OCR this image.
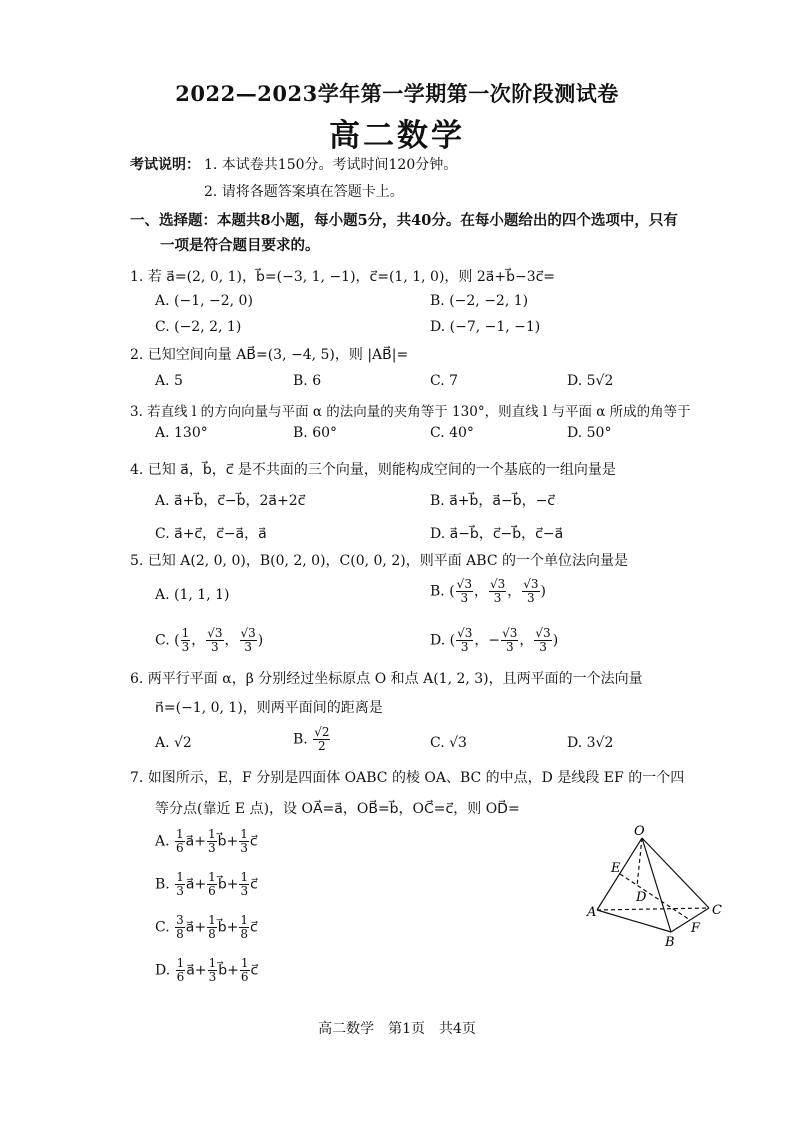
2022—2023学年第一学期第一次阶段测试卷
高二数学
考试说明： 1. 本试卷共150分。考试时间120分钟。
2. 请将各题答案填在答题卡上。
一、选择题：本题共8小题，每小题5分，共40分。在每小题给出的四个选项中，只有
一项是符合题目要求的。
1. 若 a⃗=(2, 0, 1)，b⃗=(−3, 1, −1)，c⃗=(1, 1, 0)，则 2a⃗+b⃗−3c⃗=
A. (−1, −2, 0)	B. (−2, −2, 1)
C. (−2, 2, 1)	D. (−7, −1, −1)
2. 已知空间向量 AB⃗=(3, −4, 5)，则 |AB⃗|=
A. 5	B. 6	C. 7	D. 5√2
3. 若直线 l 的方向向量与平面 α 的法向量的夹角等于 130°，则直线 l 与平面 α 所成的角等于
A. 130°	B. 60°	C. 40°	D. 50°
4. 已知 a⃗，b⃗，c⃗ 是不共面的三个向量，则能构成空间的一个基底的一组向量是
A. a⃗+b⃗，c⃗−b⃗，2a⃗+2c⃗	B. a⃗+b⃗，a⃗−b⃗，−c⃗
C. a⃗+c⃗，c⃗−a⃗，a⃗	D. a⃗−b⃗，c⃗−b⃗，c⃗−a⃗
5. 已知 A(2, 0, 0)，B(0, 2, 0)，C(0, 0, 2)，则平面 ABC 的一个单位法向量是
A. (1, 1, 1)	B. ( $\frac{√3}{3}$ ， $\frac{√3}{3}$ ， $\frac{√3}{3}$ )
C. ( $\frac{1}{3}$ ， $\frac{√3}{3}$ ， $\frac{√3}{3}$ )	D. ( $\frac{√3}{3}$ ，− $\frac{√3}{3}$ ， $\frac{√3}{3}$ )
6. 两平行平面 α，β 分别经过坐标原点 O 和点 A(1, 2, 3)，且两平面的一个法向量
n⃗=(−1, 0, 1)，则两平面间的距离是
A. √2	B. $\frac{√2}{2}$	C. √3	D. 3√2
7. 如图所示，E，F 分别是四面体 OABC 的棱 OA、BC 的中点，D 是线段 EF 的一个四
等分点(靠近 E 点)，设 OA⃗=a⃗，OB⃗=b⃗，OC⃗=c⃗，则 OD⃗=
A. $\frac{1}{6}$ a⃗+ $\frac{1}{3}$ b⃗+ $\frac{1}{3}$ c⃗
B. $\frac{1}{3}$ a⃗+ $\frac{1}{6}$ b⃗+ $\frac{1}{3}$ c⃗
C. $\frac{3}{8}$ a⃗+ $\frac{1}{8}$ b⃗+ $\frac{1}{8}$ c⃗
D. $\frac{1}{6}$ a⃗+ $\frac{1}{3}$ b⃗+ $\frac{1}{6}$ c⃗
O
E
D
A
B
C
F
高二数学　第1页　共4页
